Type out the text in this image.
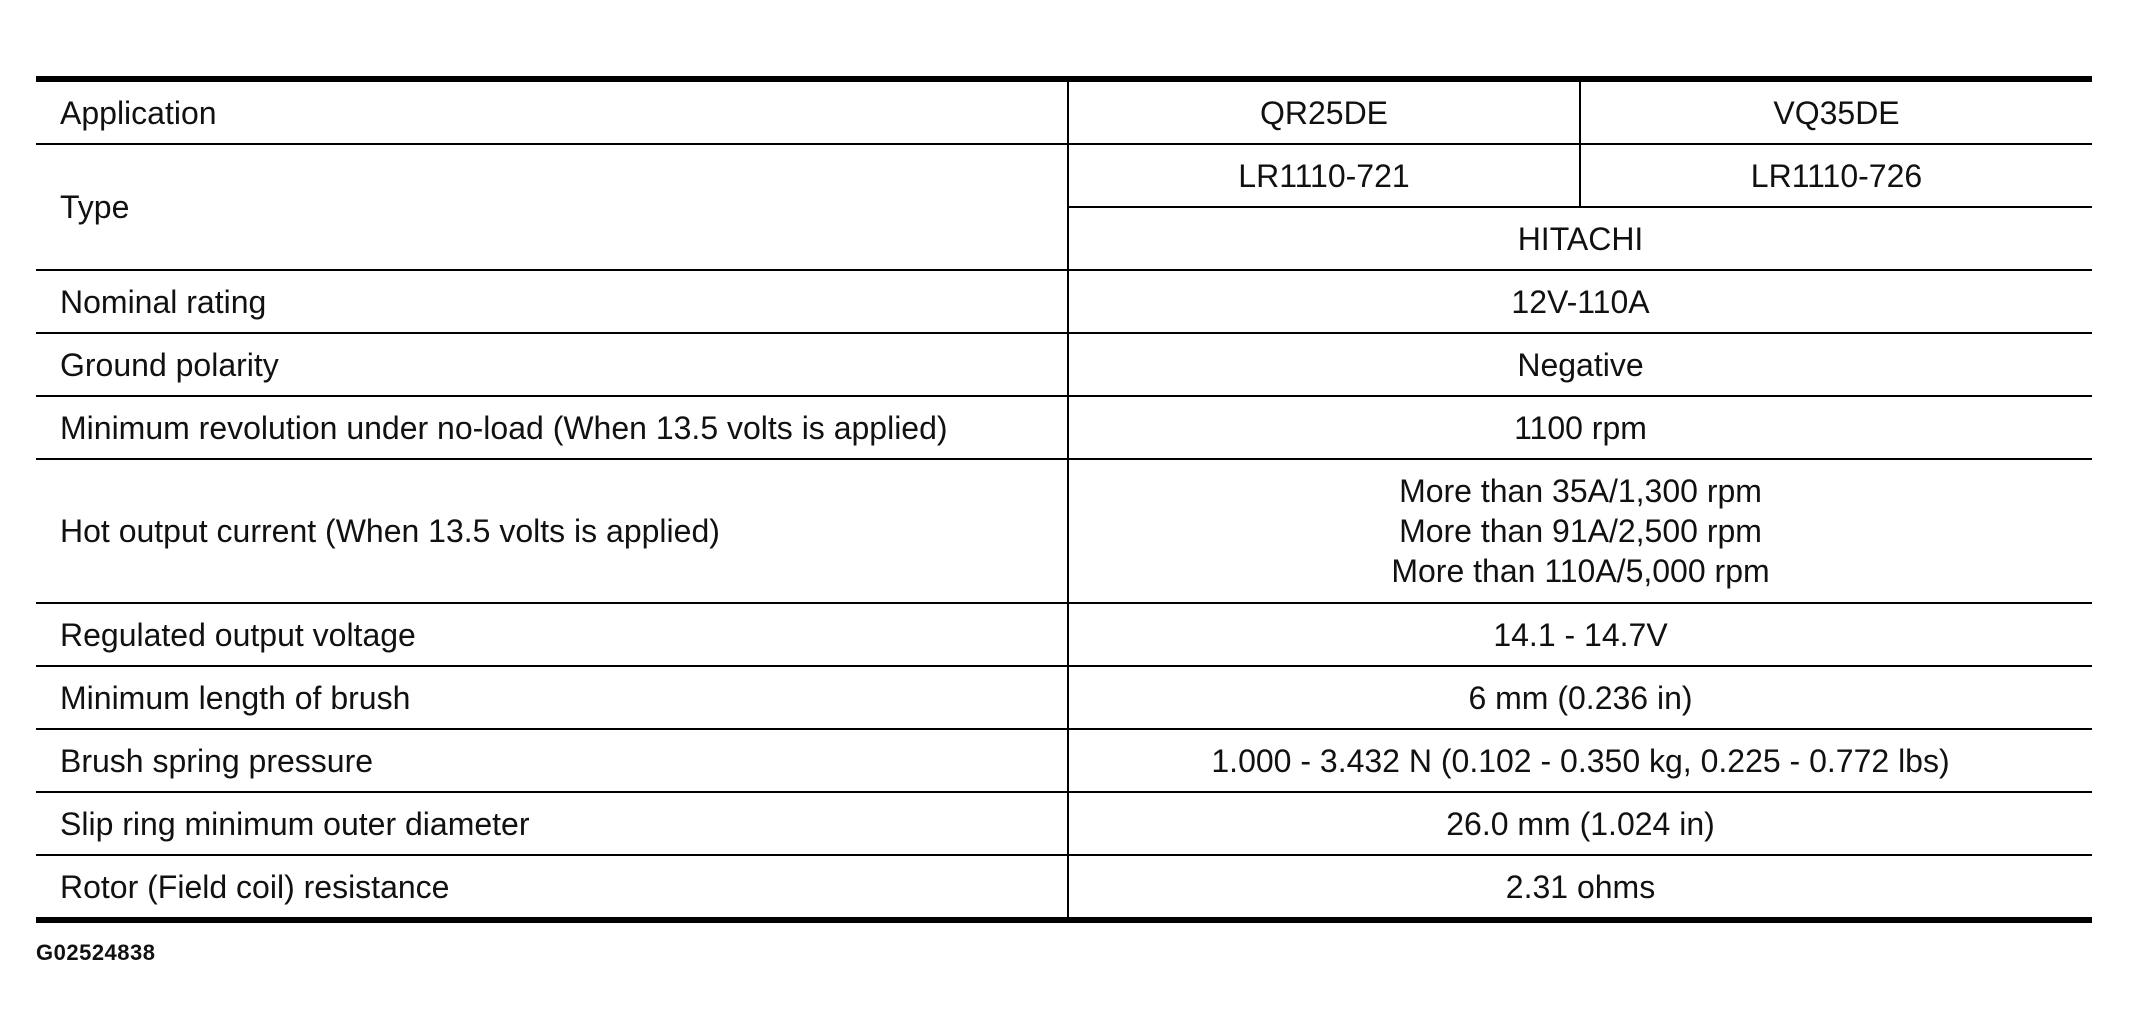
Application	QR25DE	VQ35DE
Type	LR1110-721	LR1110-726
	HITACHI	
Nominal rating	12V-110A	
Ground polarity	Negative	
Minimum revolution under no-load (When 13.5 volts is applied)	1100 rpm	
Hot output current (When 13.5 volts is applied)	More than 35A/1,300 rpm
More than 91A/2,500 rpm
More than 110A/5,000 rpm	

Regulated output voltage	14.1 - 14.7V	
Minimum length of brush	6 mm (0.236 in)	
Brush spring pressure	1.000 - 3.432 N (0.102 - 0.350 kg, 0.225 - 0.772 lbs)	
Slip ring minimum outer diameter	26.0 mm (1.024 in)	
Rotor (Field coil) resistance	2.31 ohms	
G02524838
